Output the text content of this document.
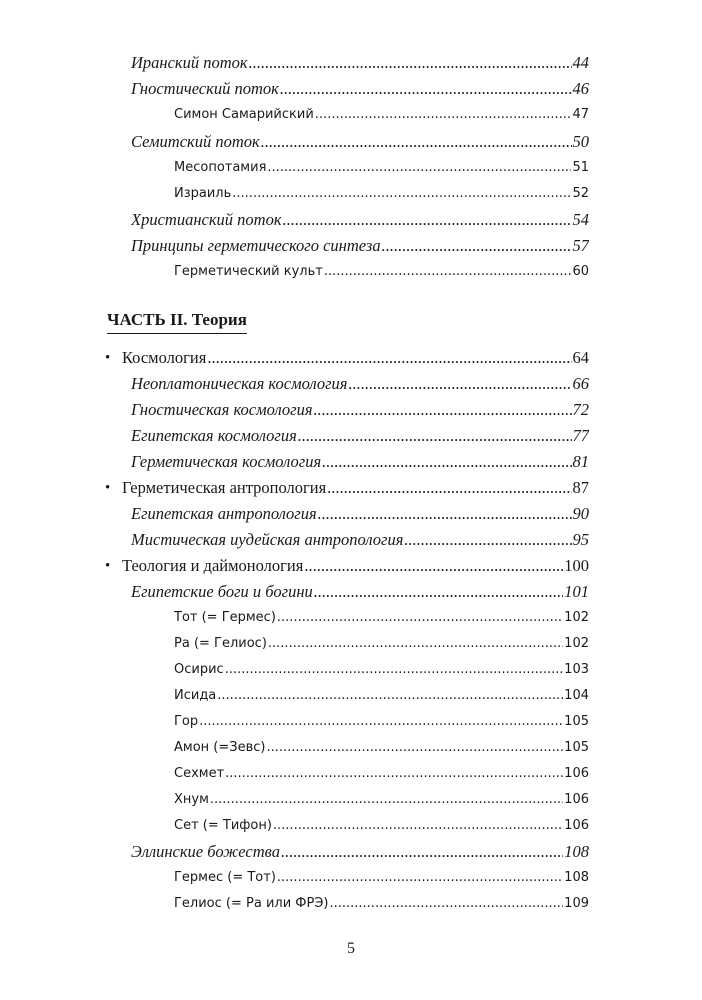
Иранский поток .....	44
Гностический поток .....	46
Симон Самарийский .....	47
Семитский поток .....	50
Месопотамия .....	51
Израиль .....	52
Христианский поток .....	54
Принципы герметического синтеза .....	57
Герметический культ .....	60
ЧАСТЬ II. Теория
• Космология .....	64
Неоплатоническая космология .....	66
Гностическая космология .....	72
Египетская космология .....	77
Герметическая космология .....	81
• Герметическая антропология .....	87
Египетская антропология .....	90
Мистическая иудейская антропология .....	95
• Теология и даймонология .....	100
Египетские боги и богини .....	101
Тот (= Гермес) .....	102
Ра (= Гелиос) .....	102
Осирис .....	103
Исида .....	104
Гор .....	105
Амон (=Зевс) .....	105
Сехмет .....	106
Хнум .....	106
Сет (= Тифон) .....	106
Эллинские божества .....	108
Гермес (= Тот) .....	108
Гелиос (= Ра или ФРЭ) .....	109
5
